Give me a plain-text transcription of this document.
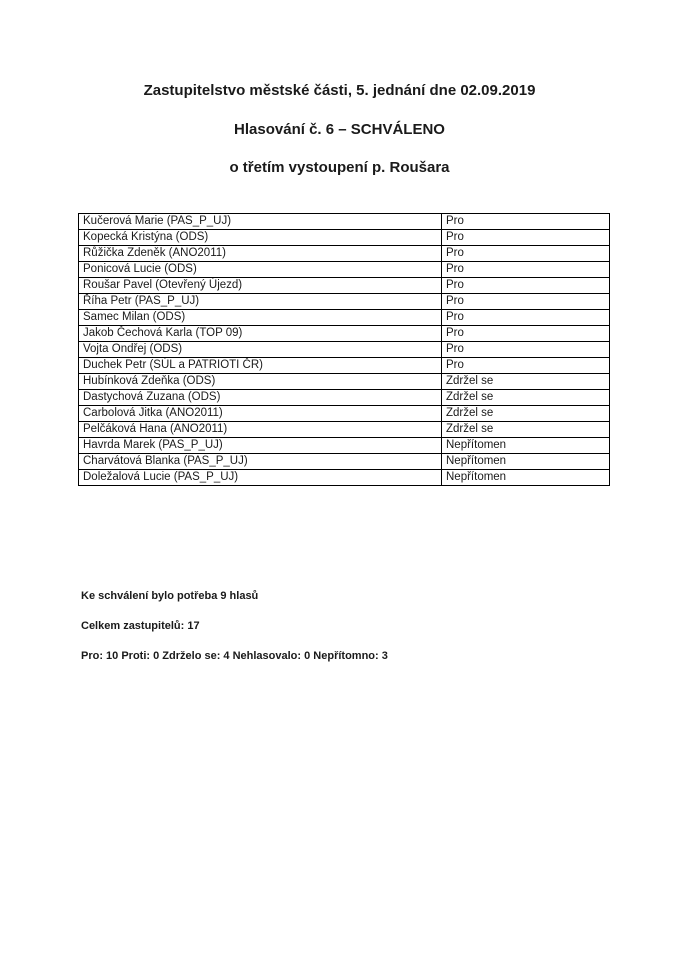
Zastupitelstvo městské části, 5. jednání dne 02.09.2019
Hlasování č. 6 – SCHVÁLENO
o třetím vystoupení p. Roušara
Kučerová Marie (PAS_P_UJ)	Pro
Kopecká Kristýna (ODS)	Pro
Růžička Zdeněk (ANO2011)	Pro
Ponicová Lucie (ODS)	Pro
Roušar Pavel (Otevřený Újezd)	Pro
Říha Petr (PAS_P_UJ)	Pro
Samec Milan (ODS)	Pro
Jakob Čechová Karla (TOP 09)	Pro
Vojta Ondřej (ODS)	Pro
Duchek Petr (SÚL a PATRIOTI ČR)	Pro
Hubínková Zdeňka (ODS)	Zdržel se
Dastychová Zuzana (ODS)	Zdržel se
Carbolová Jitka (ANO2011)	Zdržel se
Pelčáková Hana (ANO2011)	Zdržel se
Havrda Marek (PAS_P_UJ)	Nepřítomen
Charvátová Blanka (PAS_P_UJ)	Nepřítomen
Doležalová Lucie (PAS_P_UJ)	Nepřítomen
Ke schválení bylo potřeba 9 hlasů
Celkem zastupitelů: 17
Pro: 10 Proti: 0 Zdrželo se: 4 Nehlasovalo: 0 Nepřítomno: 3
